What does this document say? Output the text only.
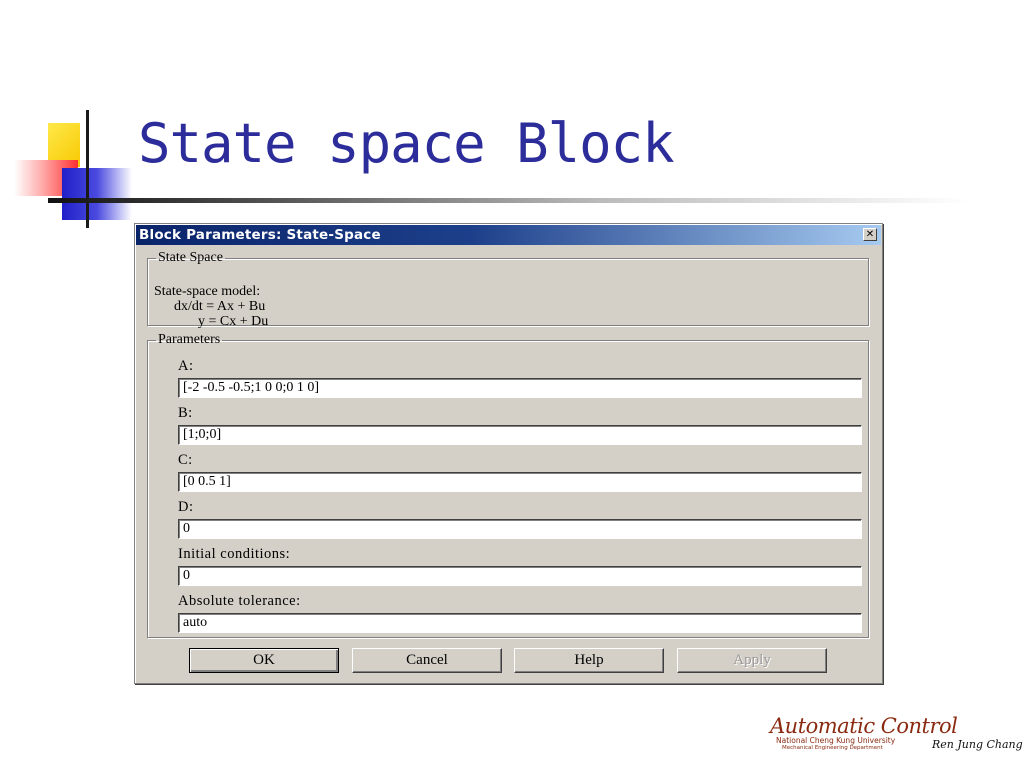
State space Block
Block Parameters: State-Space	✕
State Space
State-space model:
dx/dt = Ax + Bu
y = Cx + Du
Parameters
A:
[-2 -0.5 -0.5;1 0 0;0 1 0]
B:
[1;0;0]
C:
[0 0.5 1]
D:
0
Initial conditions:
0
Absolute tolerance:
auto
OK	Cancel	Help	Apply
Automatic Control
National Cheng Kung University
Mechanical Engineering Department	Ren Jung Chang
